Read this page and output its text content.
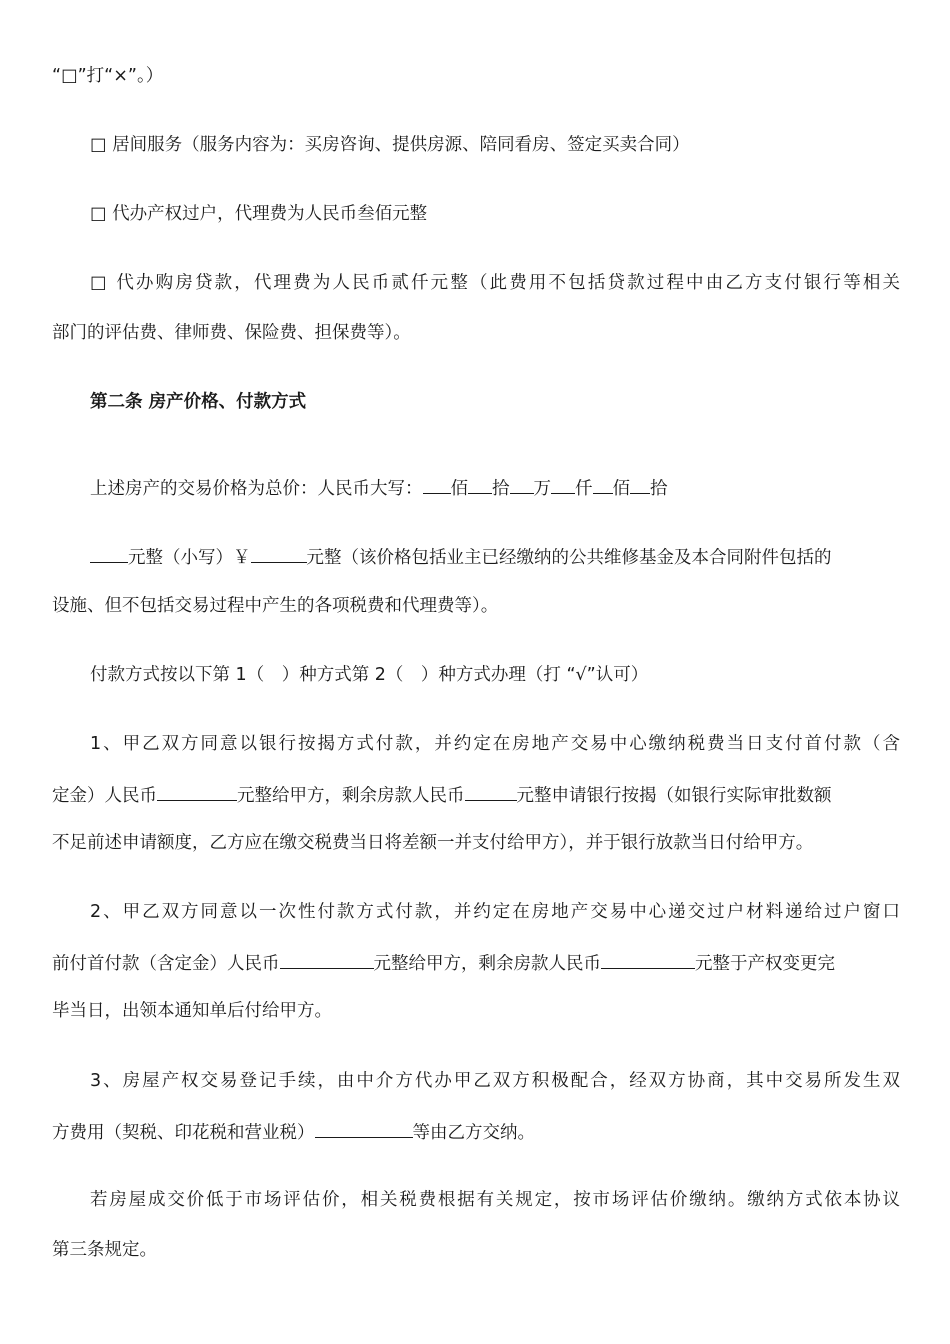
“□”打“×”。）
□ 居间服务（服务内容为：买房咨询、提供房源、陪同看房、签定买卖合同）
□ 代办产权过户，代理费为人民币叁佰元整
□ 代办购房贷款，代理费为人民币贰仟元整（此费用不包括贷款过程中由乙方支付银行等相关
部门的评估费、律师费、保险费、担保费等）。
第二条 房产价格、付款方式
上述房产的交易价格为总价：人民币大写： 佰 拾 万 仟 佰 拾
元整（小写）￥	元整（该价格包括业主已经缴纳的公共维修基金及本合同附件包括的
设施、但不包括交易过程中产生的各项税费和代理费等）。
付款方式按以下第 1（　）种方式第 2（　）种方式办理（打 “√”认可）
1、甲乙双方同意以银行按揭方式付款，并约定在房地产交易中心缴纳税费当日支付首付款（含
定金）人民币	元整给甲方，剩余房款人民币	元整申请银行按揭（如银行实际审批数额
不足前述申请额度，乙方应在缴交税费当日将差额一并支付给甲方），并于银行放款当日付给甲方。
2、甲乙双方同意以一次性付款方式付款，并约定在房地产交易中心递交过户材料递给过户窗口
前付首付款（含定金）人民币	元整给甲方，剩余房款人民币	元整于产权变更完
毕当日，出领本通知单后付给甲方。
3、房屋产权交易登记手续，由中介方代办甲乙双方积极配合，经双方协商，其中交易所发生双
方费用（契税、印花税和营业税）	等由乙方交纳。
若房屋成交价低于市场评估价，相关税费根据有关规定，按市场评估价缴纳。缴纳方式依本协议
第三条规定。
